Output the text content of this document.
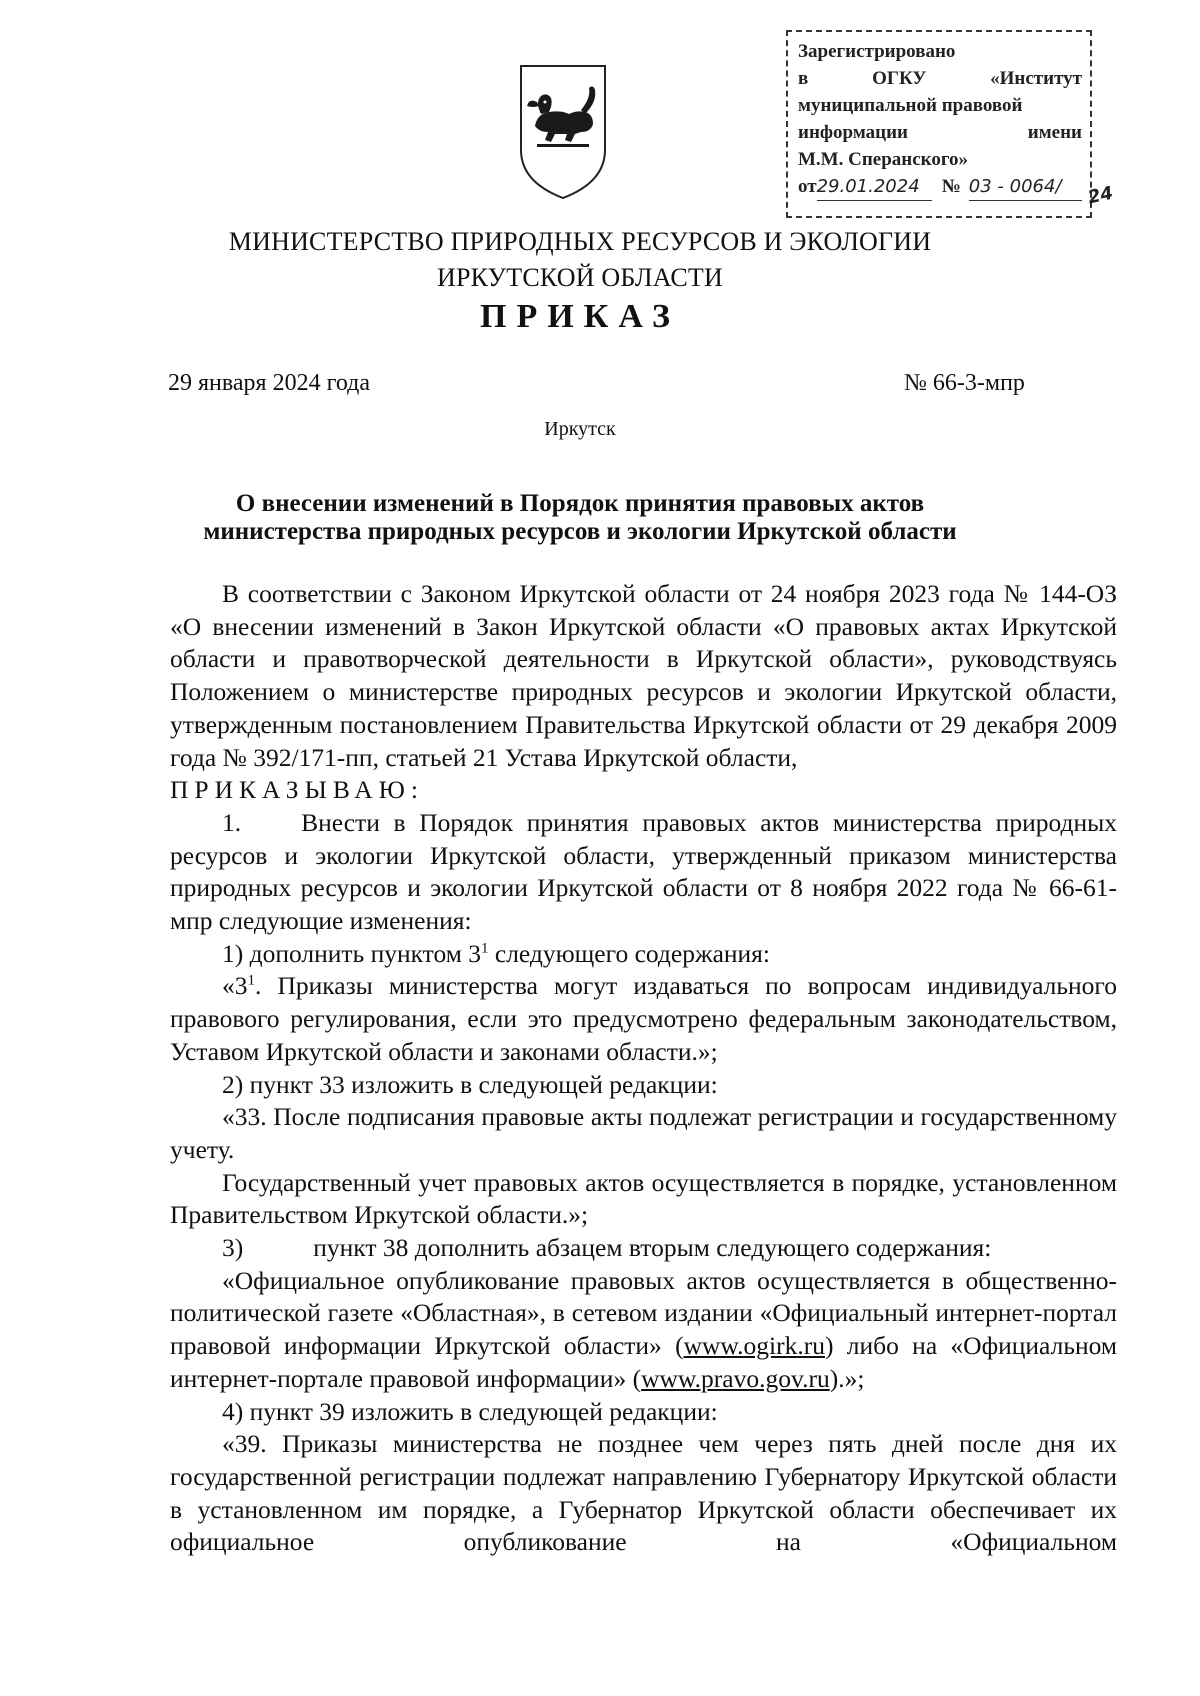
Зарегистрировано
в	ОГКУ	«Институт
муниципальной правовой
информации	имени
М.М. Сперанского»
от 29.01.2024	№ 03 - 0064/	24
МИНИСТЕРСТВО ПРИРОДНЫХ РЕСУРСОВ И ЭКОЛОГИИ
ИРКУТСКОЙ ОБЛАСТИ
ПРИКАЗ
29 января 2024 года	№ 66-3-мпр
Иркутск
О внесении изменений в Порядок принятия правовых актов
министерства природных ресурсов и экологии Иркутской области

В соответствии с Законом Иркутской области от 24 ноября 2023 года № 144-ОЗ «О внесении изменений в Закон Иркутской области «О правовых актах Иркутской области и правотворческой деятельности в Иркутской области», руководствуясь Положением о министерстве природных ресурсов и экологии Иркутской области, утвержденным постановлением Правительства Иркутской области от 29 декабря 2009 года № 392/171-пп, статьей 21 Устава Иркутской области,

ПРИКАЗЫВАЮ:

1. Внести в Порядок принятия правовых актов министерства природных ресурсов и экологии Иркутской области, утвержденный приказом министерства природных ресурсов и экологии Иркутской области от 8 ноября 2022 года № 66-61-мпр следующие изменения:

1) дополнить пунктом $3^1$ следующего содержания:

«$3^1$. Приказы министерства могут издаваться по вопросам индивидуального правового регулирования, если это предусмотрено федеральным законодательством, Уставом Иркутской области и законами области.»;

2) пункт 33 изложить в следующей редакции:

«33. После подписания правовые акты подлежат регистрации и государственному учету.

Государственный учет правовых актов осуществляется в порядке, установленном Правительством Иркутской области.»;

3)	пункт 38 дополнить абзацем вторым следующего содержания:

«Официальное опубликование правовых актов осуществляется в общественно-политической газете «Областная», в сетевом издании «Официальный интернет-портал правовой информации Иркутской области» (www.ogirk.ru) либо на «Официальном интернет-портале правовой информации» (www.pravo.gov.ru).»;

4) пункт 39 изложить в следующей редакции:

«39. Приказы министерства не позднее чем через пять дней после дня их государственной регистрации подлежат направлению Губернатору Иркутской области в установленном им порядке, а Губернатор Иркутской области обеспечивает их официальное опубликование на «Официальном
